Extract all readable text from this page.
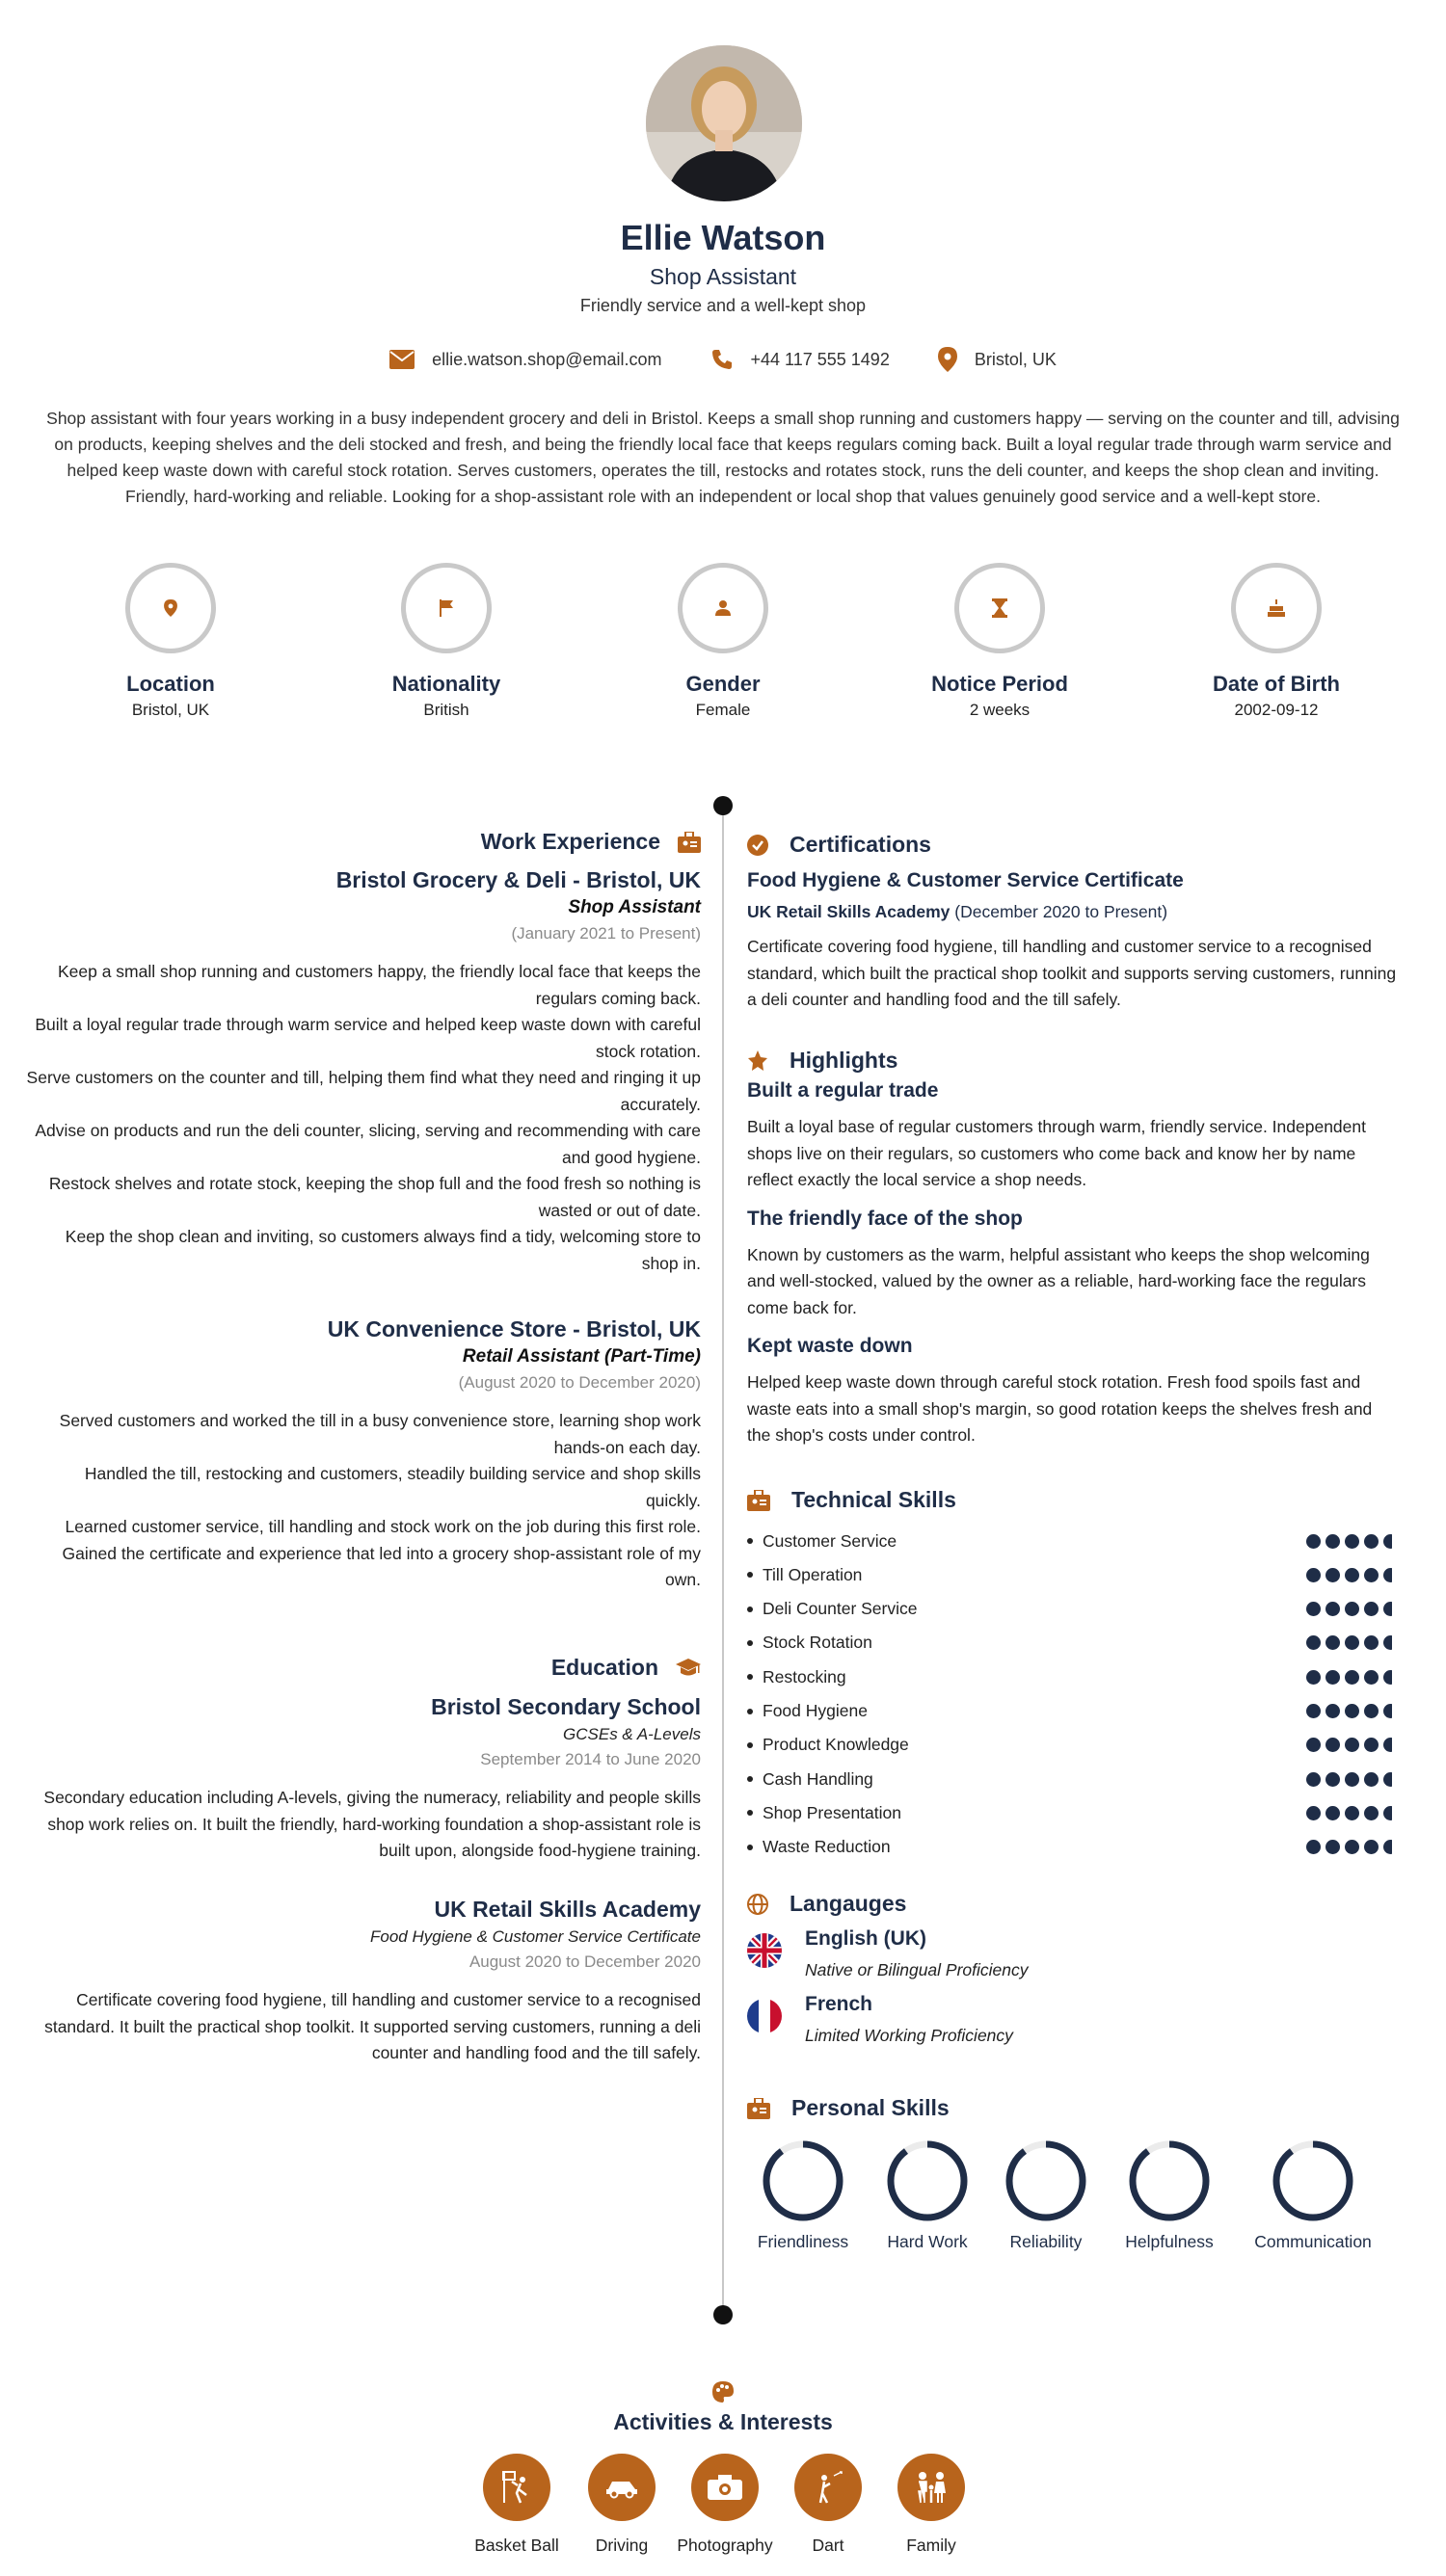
Ellie Watson
Shop Assistant
Friendly service and a well-kept shop
ellie.watson.shop@email.com	+44 117 555 1492	Bristol, UK
Shop assistant with four years working in a busy independent grocery and deli in Bristol. Keeps a small shop running and customers happy — serving on the counter and till, advising on products, keeping shelves and the deli stocked and fresh, and being the friendly local face that keeps regulars coming back. Built a loyal regular trade through warm service and helped keep waste down with careful stock rotation. Serves customers, operates the till, restocks and rotates stock, runs the deli counter, and keeps the shop clean and inviting. Friendly, hard-working and reliable. Looking for a shop-assistant role with an independent or local shop that values genuinely good service and a well-kept store.
Location
Bristol, UK
Nationality
British
Gender
Female
Notice Period
2 weeks
Date of Birth
2002-09-12
Work Experience
Bristol Grocery & Deli - Bristol, UK
Shop Assistant
(January 2021 to Present)
Keep a small shop running and customers happy, the friendly local face that keeps the regulars coming back.
Built a loyal regular trade through warm service and helped keep waste down with careful stock rotation.
Serve customers on the counter and till, helping them find what they need and ringing it up accurately.
Advise on products and run the deli counter, slicing, serving and recommending with care and good hygiene.
Restock shelves and rotate stock, keeping the shop full and the food fresh so nothing is wasted or out of date.
Keep the shop clean and inviting, so customers always find a tidy, welcoming store to shop in.
UK Convenience Store - Bristol, UK
Retail Assistant (Part-Time)
(August 2020 to December 2020)
Served customers and worked the till in a busy convenience store, learning shop work hands-on each day.
Handled the till, restocking and customers, steadily building service and shop skills quickly.
Learned customer service, till handling and stock work on the job during this first role.
Gained the certificate and experience that led into a grocery shop-assistant role of my own.
Education
Bristol Secondary School
GCSEs & A-Levels
September 2014 to June 2020
Secondary education including A-levels, giving the numeracy, reliability and people skills shop work relies on. It built the friendly, hard-working foundation a shop-assistant role is built upon, alongside food-hygiene training.
UK Retail Skills Academy
Food Hygiene & Customer Service Certificate
August 2020 to December 2020
Certificate covering food hygiene, till handling and customer service to a recognised standard. It built the practical shop toolkit. It supported serving customers, running a deli counter and handling food and the till safely.
Certifications
Food Hygiene & Customer Service Certificate
UK Retail Skills Academy (December 2020 to Present)
Certificate covering food hygiene, till handling and customer service to a recognised standard, which built the practical shop toolkit and supports serving customers, running a deli counter and handling food and the till safely.
Highlights
Built a regular trade
Built a loyal base of regular customers through warm, friendly service. Independent shops live on their regulars, so customers who come back and know her by name reflect exactly the local service a shop needs.
The friendly face of the shop
Known by customers as the warm, helpful assistant who keeps the shop welcoming and well-stocked, valued by the owner as a reliable, hard-working face the regulars come back for.
Kept waste down
Helped keep waste down through careful stock rotation. Fresh food spoils fast and waste eats into a small shop's margin, so good rotation keeps the shelves fresh and the shop's costs under control.
Technical Skills
Customer Service
Till Operation
Deli Counter Service
Stock Rotation
Restocking
Food Hygiene
Product Knowledge
Cash Handling
Shop Presentation
Waste Reduction
Langauges
English (UK)
Native or Bilingual Proficiency
French
Limited Working Proficiency
Personal Skills
Friendliness	Hard Work	Reliability	Helpfulness	Communication
Activities & Interests
Basket Ball	Driving	Photography	Dart	Family
